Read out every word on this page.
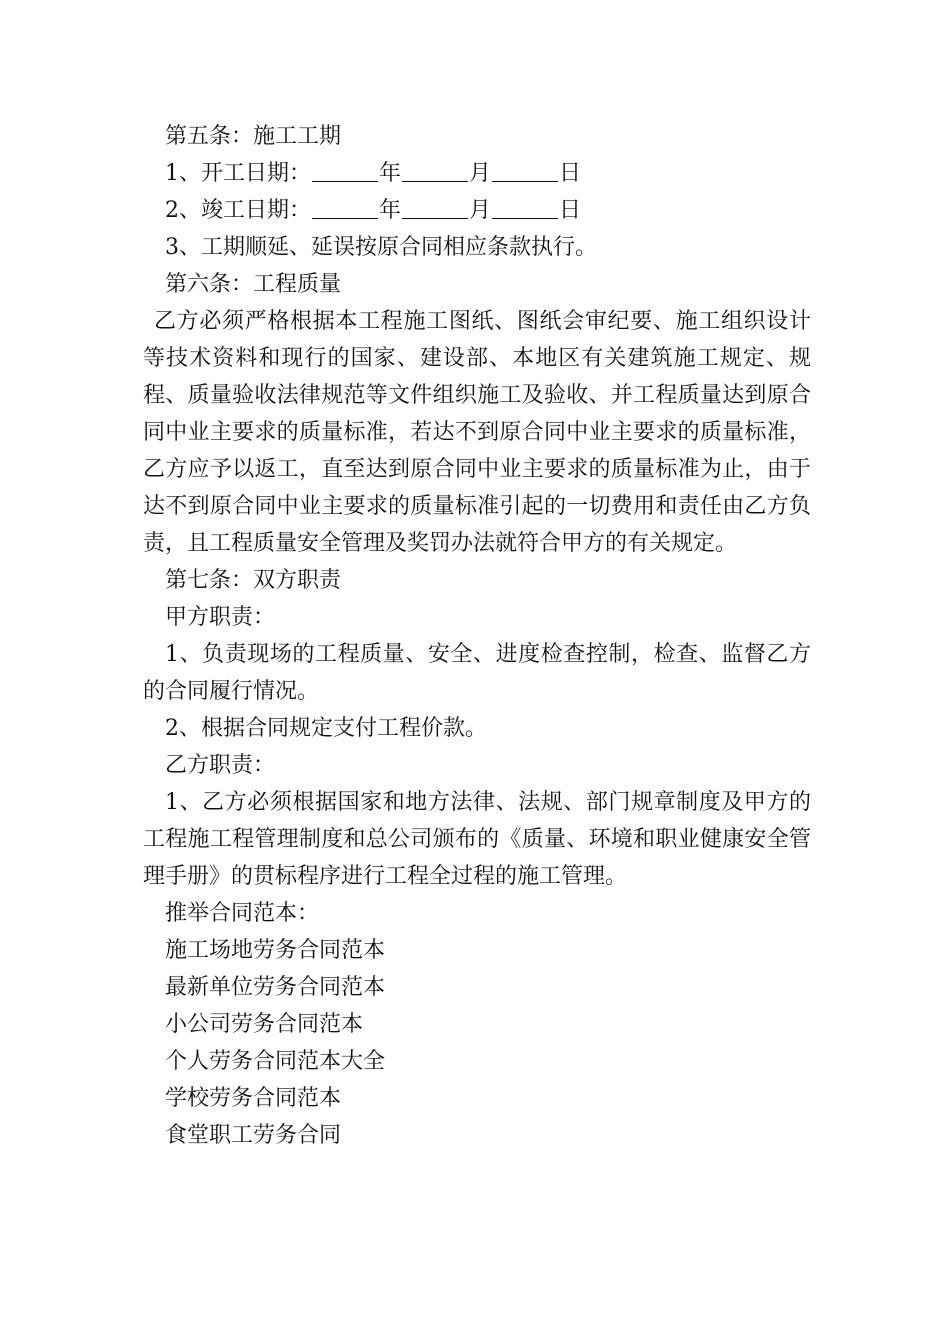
第五条：施工工期

1、开工日期：	年	月	日

2、竣工日期：	年	月	日

3、工期顺延、延误按原合同相应条款执行。

第六条：工程质量

乙方必须严格根据本工程施工图纸、图纸会审纪要、施工组织设计等技术资料和现行的国家、建设部、本地区有关建筑施工规定、规程、质量验收法律规范等文件组织施工及验收、并工程质量达到原合同中业主要求的质量标准，若达不到原合同中业主要求的质量标准，乙方应予以返工，直至达到原合同中业主要求的质量标准为止，由于达不到原合同中业主要求的质量标准引起的一切费用和责任由乙方负责，且工程质量安全管理及奖罚办法就符合甲方的有关规定。

第七条：双方职责

甲方职责：

1、负责现场的工程质量、安全、进度检查控制，检查、监督乙方的合同履行情况。

2、根据合同规定支付工程价款。

乙方职责：

1、乙方必须根据国家和地方法律、法规、部门规章制度及甲方的工程施工程管理制度和总公司颁布的《质量、环境和职业健康安全管理手册》的贯标程序进行工程全过程的施工管理。

推举合同范本：

施工场地劳务合同范本

最新单位劳务合同范本

小公司劳务合同范本

个人劳务合同范本大全

学校劳务合同范本

食堂职工劳务合同
